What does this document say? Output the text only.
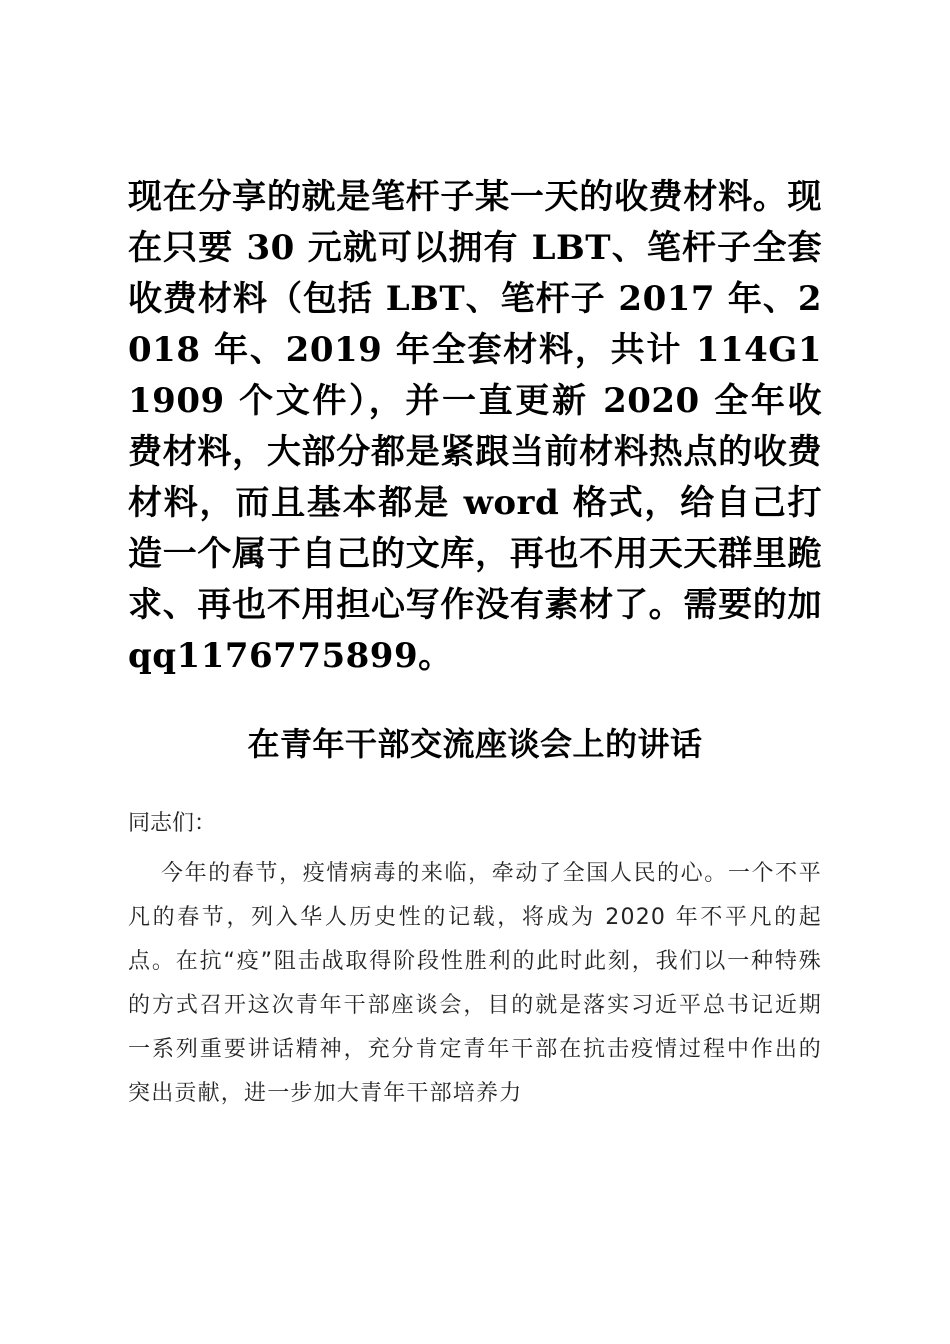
现在分享的就是笔杆子某一天的收费材料。现在只要 30 元就可以拥有 LBT、笔杆子全套收费材料（包括 LBT、笔杆子 2017 年、2018 年、2019 年全套材料，共计 114G11909 个文件），并一直更新 2020 全年收费材料，大部分都是紧跟当前材料热点的收费材料，而且基本都是 word 格式，给自己打造一个属于自己的文库，再也不用天天群里跪求、再也不用担心写作没有素材了。需要的加 qq1176775899。
在青年干部交流座谈会上的讲话
同志们：
今年的春节，疫情病毒的来临，牵动了全国人民的心。一个不平凡的春节，列入华人历史性的记载，将成为 2020 年不平凡的起点。在抗“疫”阻击战取得阶段性胜利的此时此刻，我们以一种特殊的方式召开这次青年干部座谈会，目的就是落实习近平总书记近期一系列重要讲话精神，充分肯定青年干部在抗击疫情过程中作出的突出贡献，进一步加大青年干部培养力
